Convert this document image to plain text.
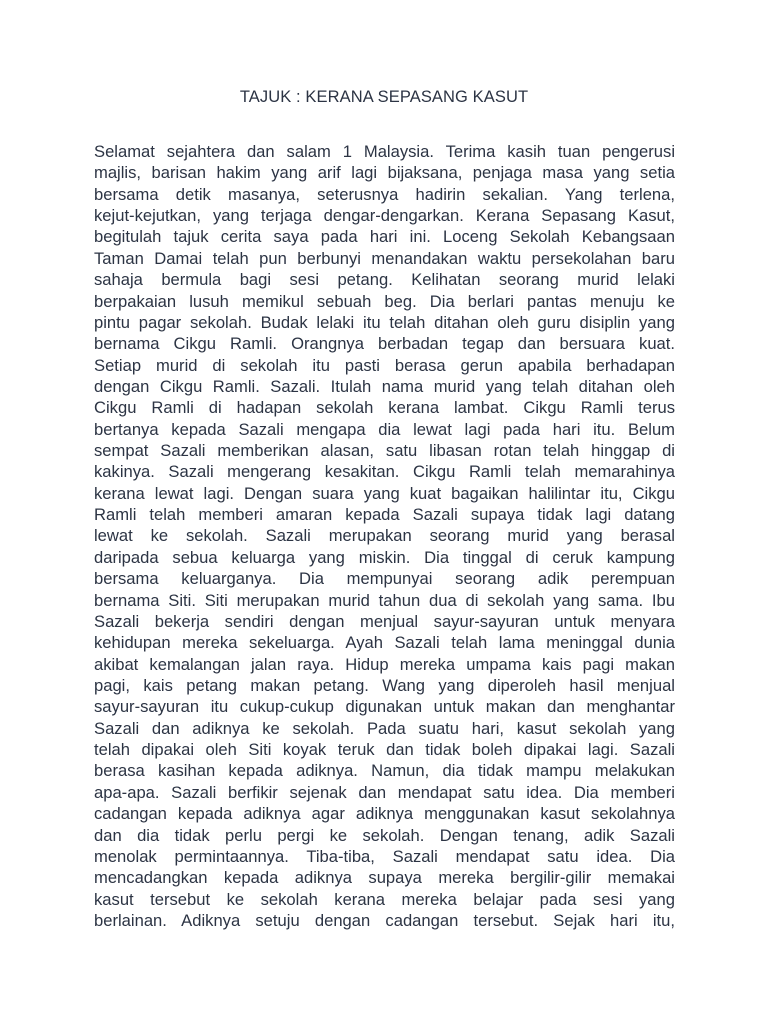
TAJUK : KERANA SEPASANG KASUT
Selamat sejahtera dan salam 1 Malaysia. Terima kasih tuan pengerusi
majlis, barisan hakim yang arif lagi bijaksana, penjaga masa yang setia
bersama detik masanya, seterusnya hadirin sekalian. Yang terlena,
kejut-kejutkan, yang terjaga dengar-dengarkan. Kerana Sepasang Kasut,
begitulah tajuk cerita saya pada hari ini. Loceng Sekolah Kebangsaan
Taman Damai telah pun berbunyi menandakan waktu persekolahan baru
sahaja bermula bagi sesi petang. Kelihatan seorang murid lelaki
berpakaian lusuh memikul sebuah beg. Dia berlari pantas menuju ke
pintu pagar sekolah. Budak lelaki itu telah ditahan oleh guru disiplin yang
bernama Cikgu Ramli. Orangnya berbadan tegap dan bersuara kuat.
Setiap murid di sekolah itu pasti berasa gerun apabila berhadapan
dengan Cikgu Ramli. Sazali. Itulah nama murid yang telah ditahan oleh
Cikgu Ramli di hadapan sekolah kerana lambat. Cikgu Ramli terus
bertanya kepada Sazali mengapa dia lewat lagi pada hari itu. Belum
sempat Sazali memberikan alasan, satu libasan rotan telah hinggap di
kakinya. Sazali mengerang kesakitan. Cikgu Ramli telah memarahinya
kerana lewat lagi. Dengan suara yang kuat bagaikan halilintar itu, Cikgu
Ramli telah memberi amaran kepada Sazali supaya tidak lagi datang
lewat ke sekolah. Sazali merupakan seorang murid yang berasal
daripada sebua keluarga yang miskin. Dia tinggal di ceruk kampung
bersama keluarganya. Dia mempunyai seorang adik perempuan
bernama Siti. Siti merupakan murid tahun dua di sekolah yang sama. Ibu
Sazali bekerja sendiri dengan menjual sayur-sayuran untuk menyara
kehidupan mereka sekeluarga. Ayah Sazali telah lama meninggal dunia
akibat kemalangan jalan raya. Hidup mereka umpama kais pagi makan
pagi, kais petang makan petang. Wang yang diperoleh hasil menjual
sayur-sayuran itu cukup-cukup digunakan untuk makan dan menghantar
Sazali dan adiknya ke sekolah. Pada suatu hari, kasut sekolah yang
telah dipakai oleh Siti koyak teruk dan tidak boleh dipakai lagi. Sazali
berasa kasihan kepada adiknya. Namun, dia tidak mampu melakukan
apa-apa. Sazali berfikir sejenak dan mendapat satu idea. Dia memberi
cadangan kepada adiknya agar adiknya menggunakan kasut sekolahnya
dan dia tidak perlu pergi ke sekolah. Dengan tenang, adik Sazali
menolak permintaannya. Tiba-tiba, Sazali mendapat satu idea. Dia
mencadangkan kepada adiknya supaya mereka bergilir-gilir memakai
kasut tersebut ke sekolah kerana mereka belajar pada sesi yang
berlainan. Adiknya setuju dengan cadangan tersebut. Sejak hari itu,
